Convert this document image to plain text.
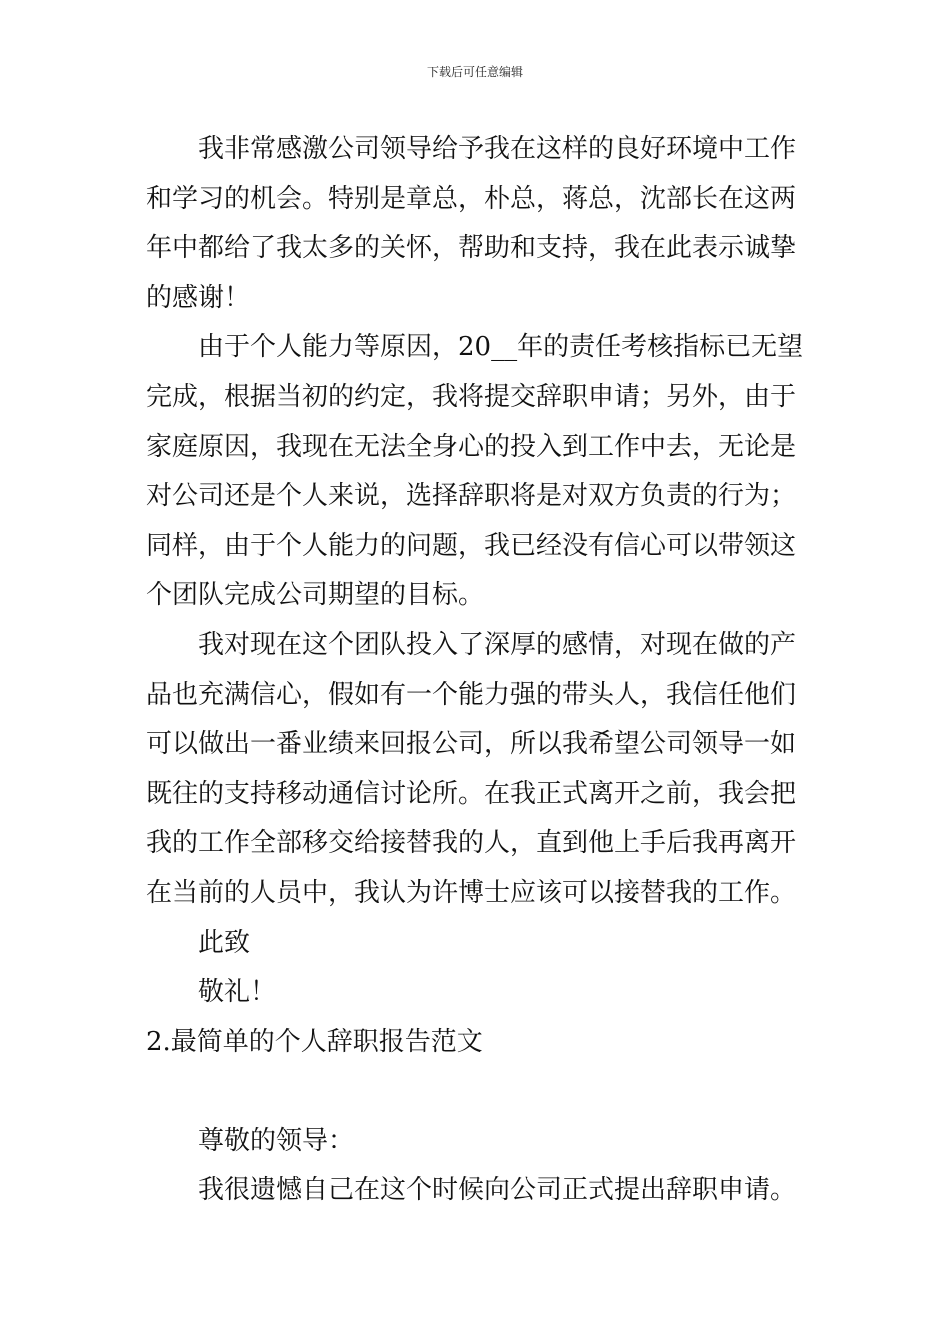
下载后可任意编辑
我非常感激公司领导给予我在这样的良好环境中工作
和学习的机会。特别是章总，朴总，蒋总，沈部长在这两
年中都给了我太多的关怀，帮助和支持，我在此表示诚挚
的感谢！
由于个人能力等原因，20__年的责任考核指标已无望
完成，根据当初的约定，我将提交辞职申请；另外，由于
家庭原因，我现在无法全身心的投入到工作中去，无论是
对公司还是个人来说，选择辞职将是对双方负责的行为；
同样，由于个人能力的问题，我已经没有信心可以带领这
个团队完成公司期望的目标。
我对现在这个团队投入了深厚的感情，对现在做的产
品也充满信心，假如有一个能力强的带头人，我信任他们
可以做出一番业绩来回报公司，所以我希望公司领导一如
既往的支持移动通信讨论所。在我正式离开之前，我会把
我的工作全部移交给接替我的人，直到他上手后我再离开
在当前的人员中，我认为许博士应该可以接替我的工作。
此致
敬礼！
2.最简单的个人辞职报告范文
尊敬的领导：
我很遗憾自己在这个时候向公司正式提出辞职申请。
